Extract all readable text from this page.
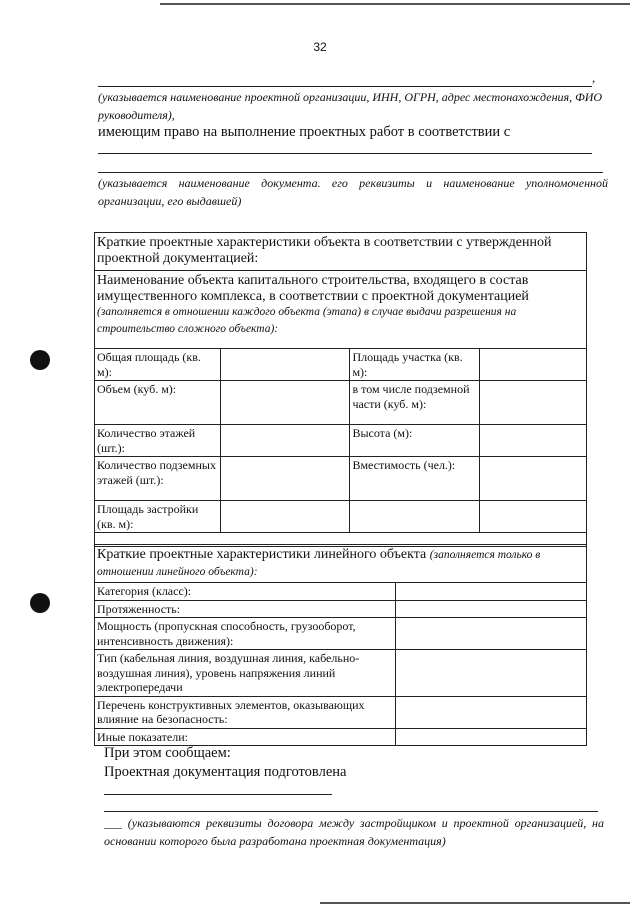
32
,
(указывается наименование проектной организации, ИНН, ОГРН, адрес местонахождения, ФИО руководителя),
имеющим право на выполнение проектных работ в соответствии с
(указывается наименование документа. его реквизиты и наименование уполномоченной организации, его выдавшей)
Краткие проектные характеристики объекта в соответствии с утвержденной проектной документацией:			
Наименование объекта капитального строительства, входящего в состав имущественного комплекса, в соответствии с проектной документацией (заполняется в отношении каждого объекта (этапа) в случае выдачи разрешения на строительство сложного объекта):			
Общая площадь (кв. м):		Площадь участка (кв. м):	
Объем (куб. м):		в том числе подземной части (куб. м):	
Количество этажей (шт.):		Высота (м):	
Количество подземных этажей (шт.):		Вместимость (чел.):	
Площадь застройки (кв. м):			

Краткие проектные характеристики линейного объекта (заполняется только в отношении линейного объекта):	
Категория (класс):	
Протяженность:	
Мощность (пропускная способность, грузооборот, интенсивность движения):	
Тип (кабельная линия, воздушная линия, кабельно-воздушная линия), уровень напряжения линий электропередачи	
Перечень конструктивных элементов, оказывающих влияние на безопасность:	
Иные показатели:	
При этом сообщаем:
Проектная документация подготовлена
___ (указываются реквизиты договора между застройщиком и проектной организацией, на основании которого была разработана проектная документация)
